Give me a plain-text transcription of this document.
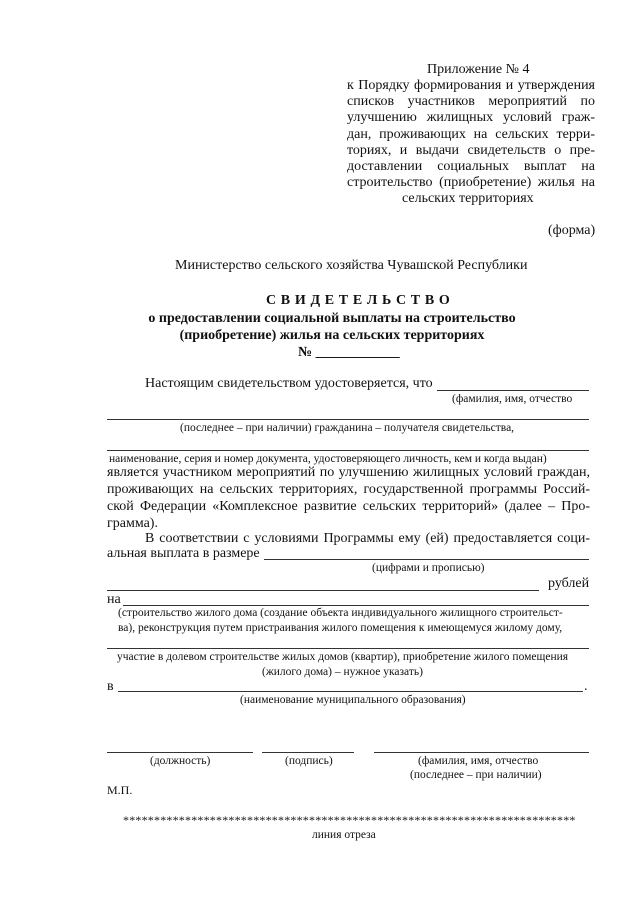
Приложение № 4
к Порядку формирования и утверждения
списков участников мероприятий по
улучшению жилищных условий граж-
дан, проживающих на сельских терри-
ториях, и выдачи свидетельств о пре-
доставлении социальных выплат на
строительство (приобретение) жилья на
сельских территориях
(форма)
Министерство сельского хозяйства Чувашской Республики
С В И Д Е Т Е Л Ь С Т В О
о предоставлении социальной выплаты на строительство
(приобретение) жилья на сельских территориях
№ ____________
Настоящим свидетельством удостоверяется, что
(фамилия, имя, отчество
(последнее – при наличии) гражданина – получателя свидетельства,
наименование, серия и номер документа, удостоверяющего личность, кем и когда выдан)
является участником мероприятий по улучшению жилищных условий граждан,
проживающих на сельских территориях, государственной программы Россий-
ской Федерации «Комплексное развитие сельских территорий» (далее – Про-
грамма).
В соответствии с условиями Программы ему (ей) предоставляется соци-
альная выплата в размере
(цифрами и прописью)
рублей
на
(строительство жилого дома (создание объекта индивидуального жилищного строительст-
ва), реконструкция путем пристраивания жилого помещения к имеющемуся жилому дому,
участие в долевом строительстве жилых домов (квартир), приобретение жилого помещения
(жилого дома) – нужное указать)
в	.
(наименование муниципального образования)
(должность)	(подпись)	(фамилия, имя, отчество
(последнее – при наличии)
М.П.
*************************************************************************
линия отреза
